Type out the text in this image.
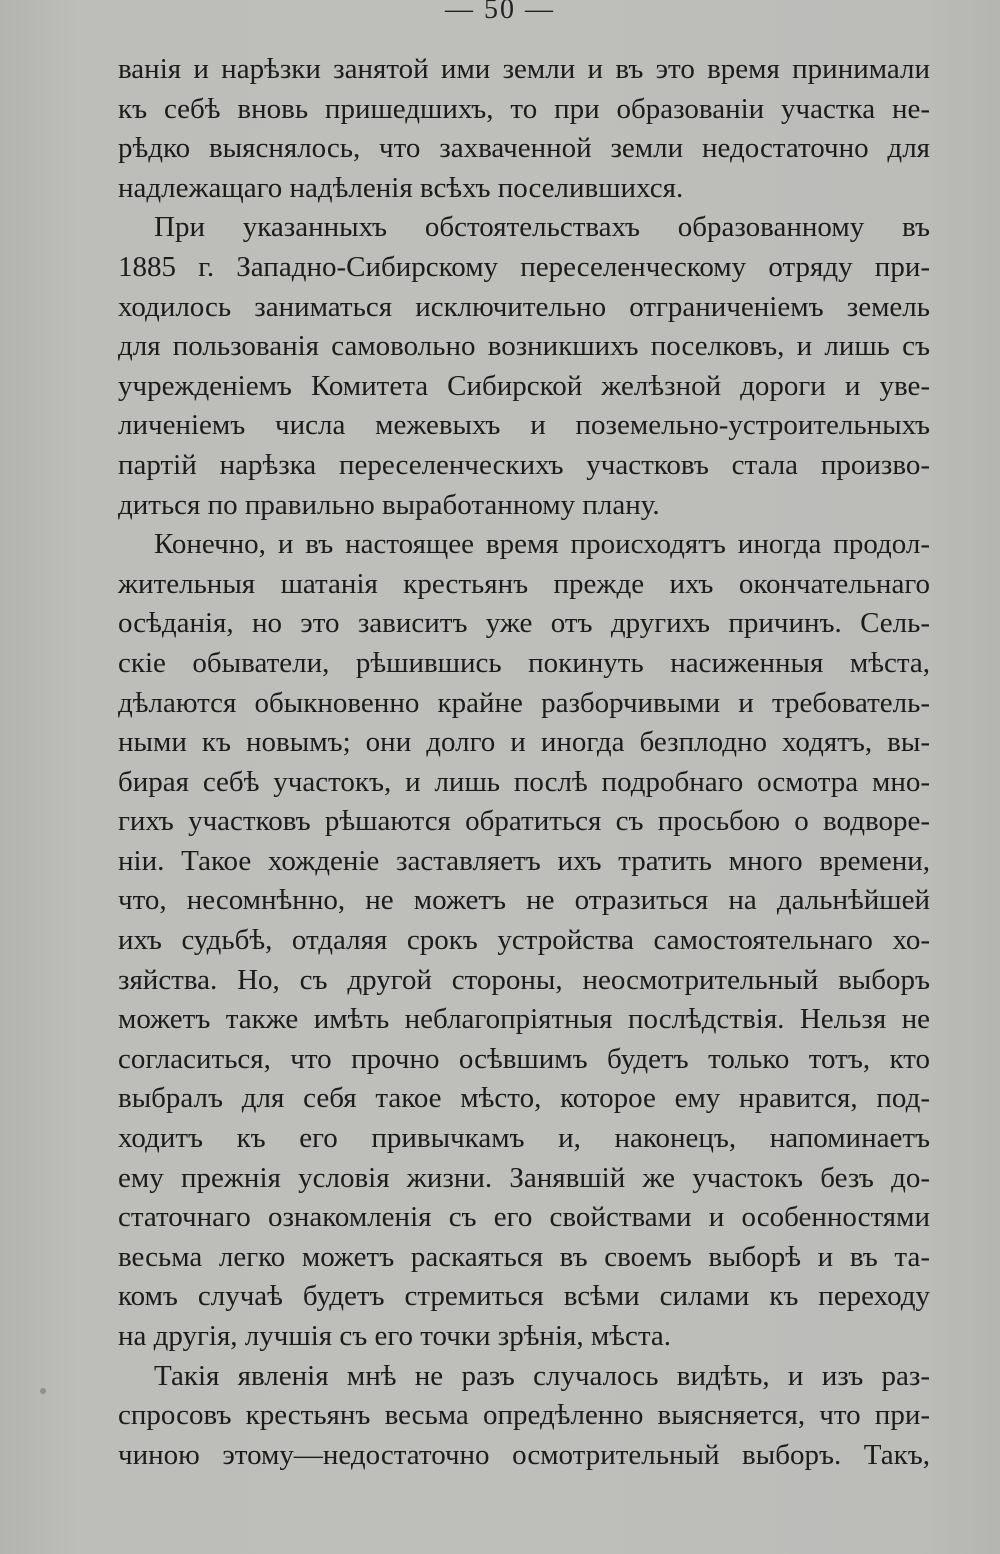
— 50 —
ванія и нарѣзки занятой ими земли и въ это время принимали
къ себѣ вновь пришедшихъ, то при образованіи участка не-
рѣдко выяснялось, что захваченной земли недостаточно для
надлежащаго надѣленія всѣхъ поселившихся.
При указанныхъ обстоятельствахъ образованному въ
1885 г. Западно-Сибирскому переселенческому отряду при-
ходилось заниматься исключительно отграниченіемъ земель
для пользованія самовольно возникшихъ поселковъ, и лишь съ
учрежденіемъ Комитета Сибирской желѣзной дороги и уве-
личеніемъ числа межевыхъ и поземельно-устроительныхъ
партій нарѣзка переселенческихъ участковъ стала произво-
диться по правильно выработанному плану.
Конечно, и въ настоящее время происходятъ иногда продол-
жительныя шатанія крестьянъ прежде ихъ окончательнаго
осѣданія, но это зависитъ уже отъ другихъ причинъ. Сель-
скіе обыватели, рѣшившись покинуть насиженныя мѣста,
дѣлаются обыкновенно крайне разборчивыми и требователь-
ными къ новымъ; они долго и иногда безплодно ходятъ, вы-
бирая себѣ участокъ, и лишь послѣ подробнаго осмотра мно-
гихъ участковъ рѣшаются обратиться съ просьбою о водворе-
ніи. Такое хожденіе заставляетъ ихъ тратить много времени,
что, несомнѣнно, не можетъ не отразиться на дальнѣйшей
ихъ судьбѣ, отдаляя срокъ устройства самостоятельнаго хо-
зяйства. Но, съ другой стороны, неосмотрительный выборъ
можетъ также имѣть неблагопріятныя послѣдствія. Нельзя не
согласиться, что прочно осѣвшимъ будетъ только тотъ, кто
выбралъ для себя такое мѣсто, которое ему нравится, под-
ходитъ къ его привычкамъ и, наконецъ, напоминаетъ
ему прежнія условія жизни. Занявшій же участокъ безъ до-
статочнаго ознакомленія съ его свойствами и особенностями
весьма легко можетъ раскаяться въ своемъ выборѣ и въ та-
комъ случаѣ будетъ стремиться всѣми силами къ переходу
на другія, лучшія съ его точки зрѣнія, мѣста.
Такія явленія мнѣ не разъ случалось видѣть, и изъ раз-
спросовъ крестьянъ весьма опредѣленно выясняется, что при-
чиною этому—недостаточно осмотрительный выборъ. Такъ,
